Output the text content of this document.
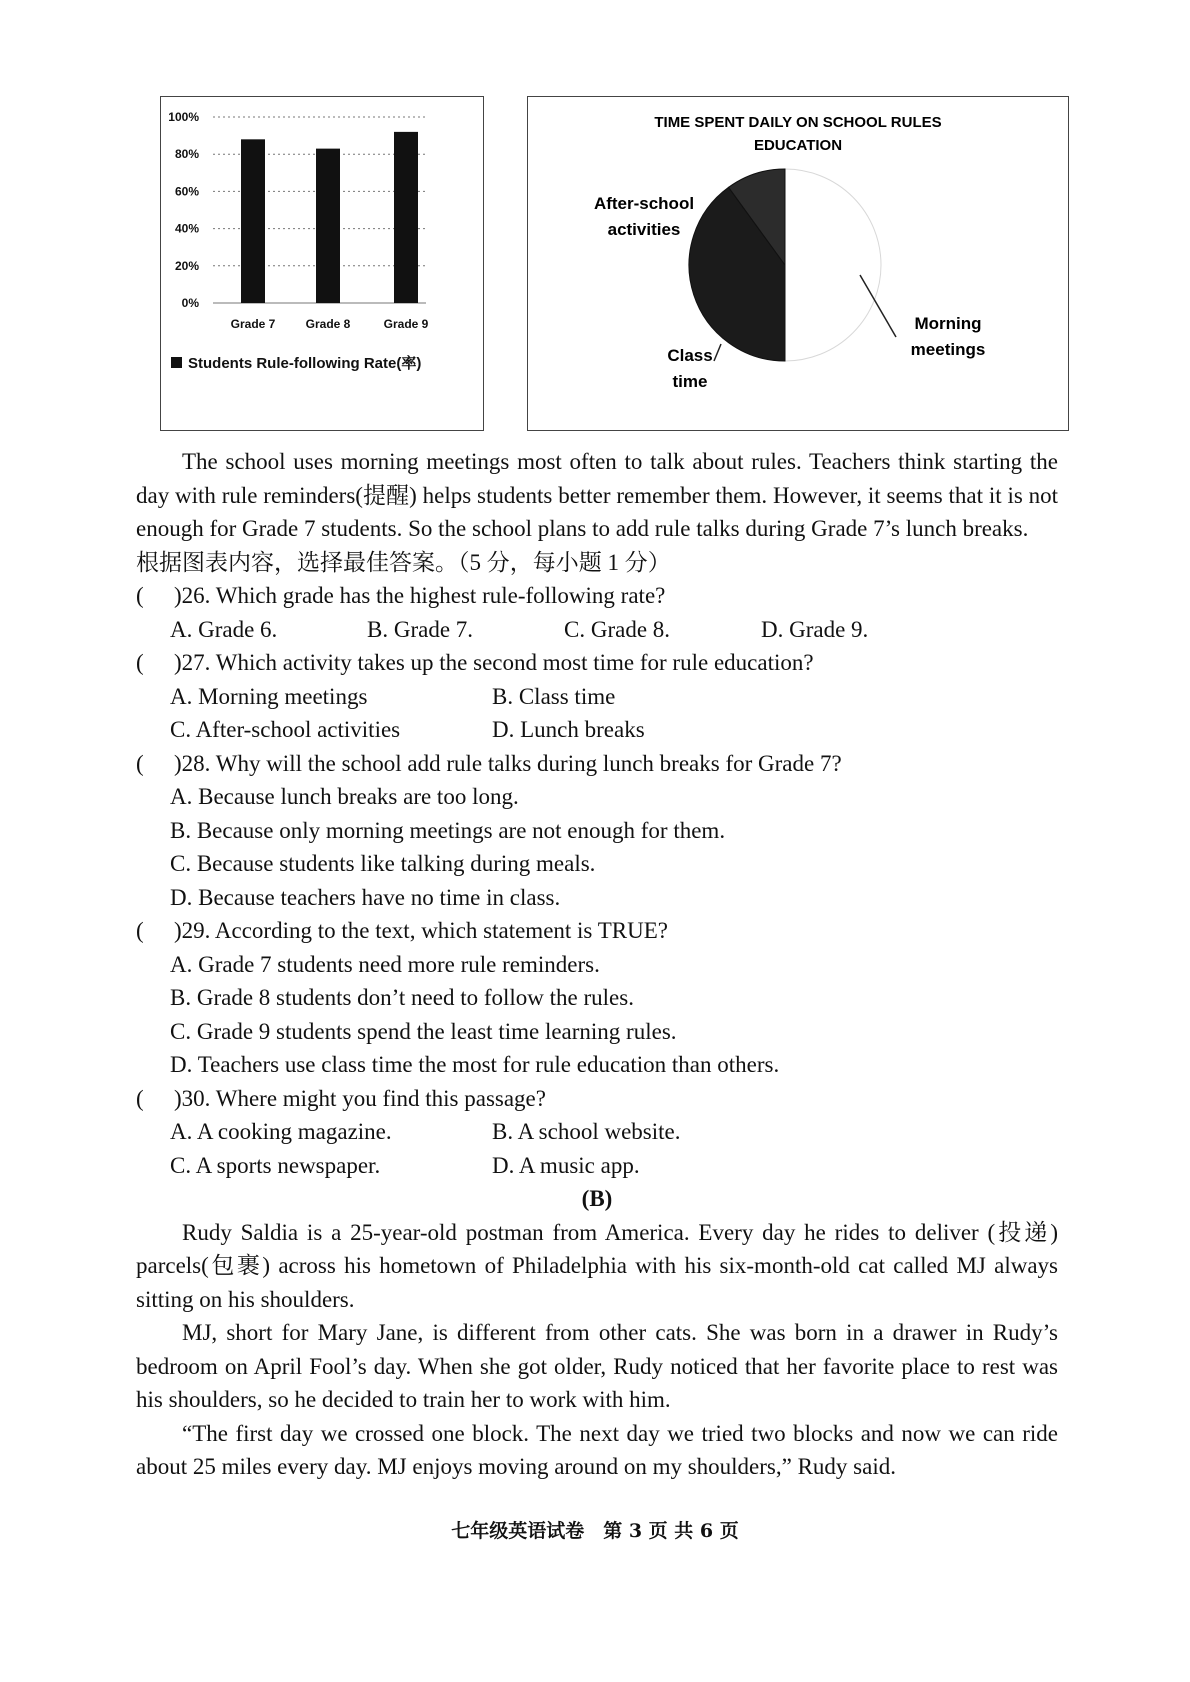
100%
80%
60%
40%
20%
0%
Grade 7	Grade 8	Grade 9
Students Rule-following Rate(率)
TIME SPENT DAILY ON SCHOOL RULES
EDUCATION
After-school
activities
Morning
meetings
Class
time

The school uses morning meetings most often to talk about rules. Teachers think starting the day with rule reminders(提醒) helps students better remember them. However, it seems that it is not enough for Grade 7 students. So the school plans to add rule talks during Grade 7’s lunch breaks.

根据图表内容，选择最佳答案。（5 分，每小题 1 分）

( )26. Which grade has the highest rule-following rate?

A. Grade 6.	B. Grade 7.	C. Grade 8.	D. Grade 9.

( )27. Which activity takes up the second most time for rule education?

A. Morning meetings	B. Class time
C. After-school activities	D. Lunch breaks

( )28. Why will the school add rule talks during lunch breaks for Grade 7?

A. Because lunch breaks are too long.
B. Because only morning meetings are not enough for them.
C. Because students like talking during meals.
D. Because teachers have no time in class.

( )29. According to the text, which statement is TRUE?

A. Grade 7 students need more rule reminders.
B. Grade 8 students don’t need to follow the rules.
C. Grade 9 students spend the least time learning rules.
D. Teachers use class time the most for rule education than others.

( )30. Where might you find this passage?

A. A cooking magazine.	B. A school website.
C. A sports newspaper.	D. A music app.

(B)

Rudy Saldia is a 25-year-old postman from America. Every day he rides to deliver (投递) parcels(包裹) across his hometown of Philadelphia with his six-month-old cat called MJ always sitting on his shoulders.

MJ, short for Mary Jane, is different from other cats. She was born in a drawer in Rudy’s bedroom on April Fool’s day. When she got older, Rudy noticed that her favorite place to rest was his shoulders, so he decided to train her to work with him.

“The first day we crossed one block. The next day we tried two blocks and now we can ride about 25 miles every day. MJ enjoys moving around on my shoulders,” Rudy said.

七年级英语试卷　第 3 页 共 6 页
